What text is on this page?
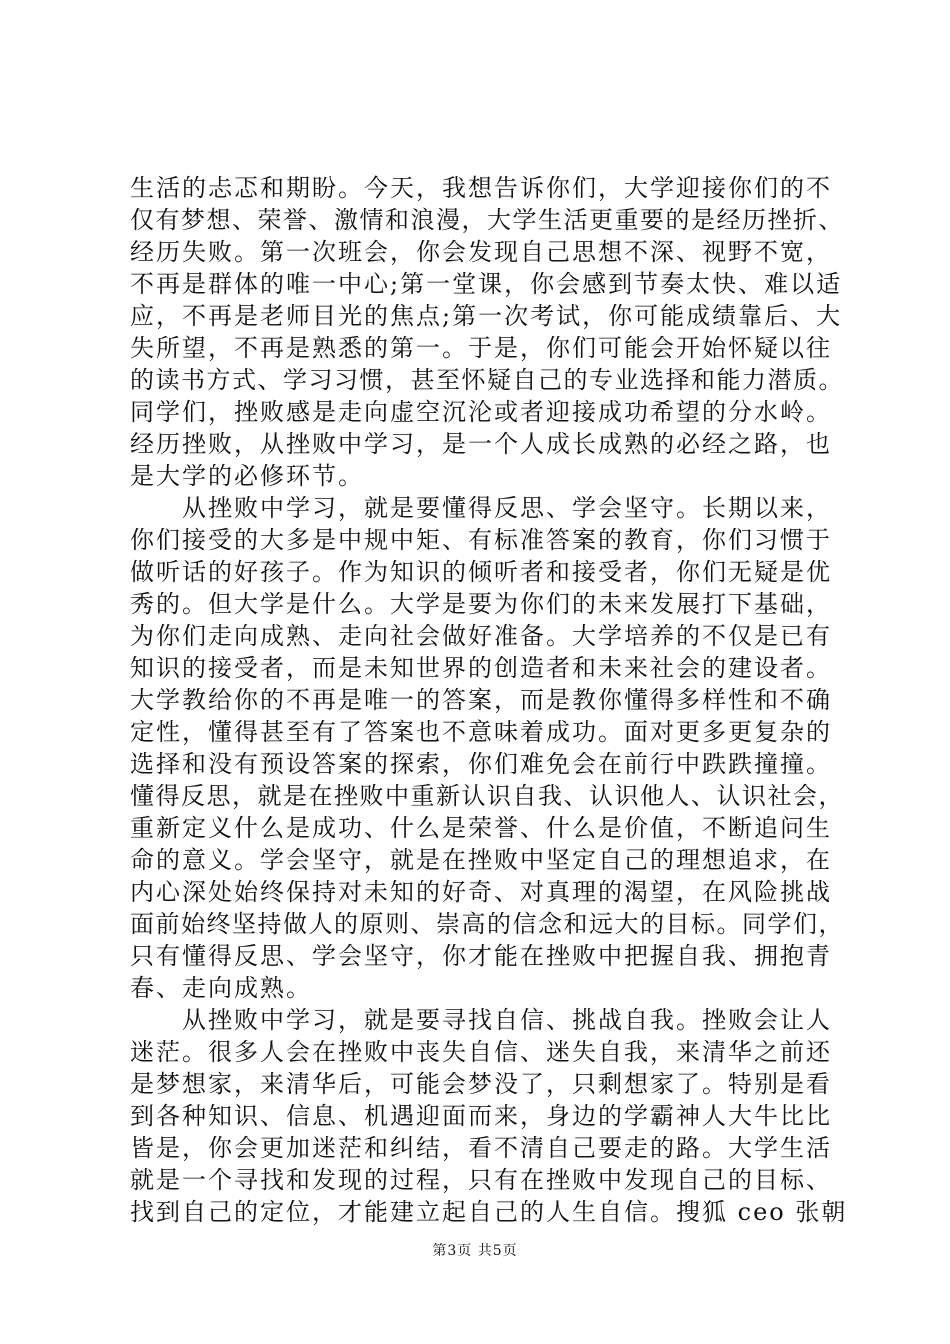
生活的忐忑和期盼。今天，我想告诉你们，大学迎接你们的不
仅有梦想、荣誉、激情和浪漫，大学生活更重要的是经历挫折、
经历失败。第一次班会，你会发现自己思想不深、视野不宽，
不再是群体的唯一中心;第一堂课，你会感到节奏太快、难以适
应，不再是老师目光的焦点;第一次考试，你可能成绩靠后、大
失所望，不再是熟悉的第一。于是，你们可能会开始怀疑以往
的读书方式、学习习惯，甚至怀疑自己的专业选择和能力潜质。
同学们，挫败感是走向虚空沉沦或者迎接成功希望的分水岭。
经历挫败，从挫败中学习，是一个人成长成熟的必经之路，也
是大学的必修环节。
　　从挫败中学习，就是要懂得反思、学会坚守。长期以来，
你们接受的大多是中规中矩、有标准答案的教育，你们习惯于
做听话的好孩子。作为知识的倾听者和接受者，你们无疑是优
秀的。但大学是什么。大学是要为你们的未来发展打下基础，
为你们走向成熟、走向社会做好准备。大学培养的不仅是已有
知识的接受者，而是未知世界的创造者和未来社会的建设者。
大学教给你的不再是唯一的答案，而是教你懂得多样性和不确
定性，懂得甚至有了答案也不意味着成功。面对更多更复杂的
选择和没有预设答案的探索，你们难免会在前行中跌跌撞撞。
懂得反思，就是在挫败中重新认识自我、认识他人、认识社会，
重新定义什么是成功、什么是荣誉、什么是价值，不断追问生
命的意义。学会坚守，就是在挫败中坚定自己的理想追求，在
内心深处始终保持对未知的好奇、对真理的渴望，在风险挑战
面前始终坚持做人的原则、崇高的信念和远大的目标。同学们，
只有懂得反思、学会坚守，你才能在挫败中把握自我、拥抱青
春、走向成熟。
　　从挫败中学习，就是要寻找自信、挑战自我。挫败会让人
迷茫。很多人会在挫败中丧失自信、迷失自我，来清华之前还
是梦想家，来清华后，可能会梦没了，只剩想家了。特别是看
到各种知识、信息、机遇迎面而来，身边的学霸神人大牛比比
皆是，你会更加迷茫和纠结，看不清自己要走的路。大学生活
就是一个寻找和发现的过程，只有在挫败中发现自己的目标、
找到自己的定位，才能建立起自己的人生自信。搜狐 ceo 张朝
第3页 共5页
